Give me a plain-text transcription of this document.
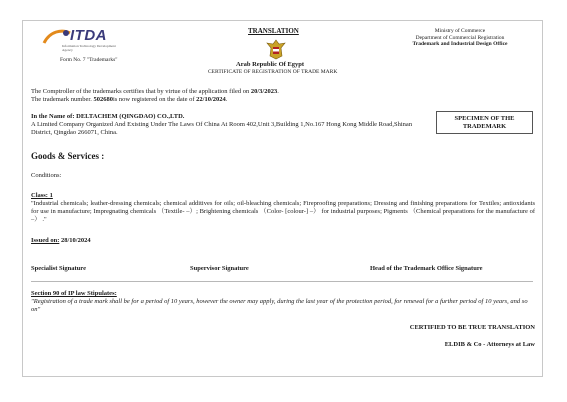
ITDA
Information Technology Development Agency
Form No. 7 "Trademarks"
TRANSLATION
Arab Republic Of Egypt
CERTIFICATE OF REGISTRATION OF TRADE MARK
Ministry of Commerce
Department of Commercial Registration
Trademark and Industrial Design Office
The Comptroller of the trademarks certifies that by virtue of the application filed on 20/3/2023.
The trademark number. 502680is now registered on the date of 22/10/2024.
In the Name of: DELTACHEM (QINGDAO) CO.,LTD.
A Limited Company Organized And Existing Under The Laws Of China At Room 402,Unit 3,Building 1,No.167 Hong Kong Middle Road,Shinan District, Qingdao 266071, China.
SPECIMEN OF THE TRADEMARK
Goods & Services :
Conditions:
Class: 1
"Industrial chemicals; leather-dressing chemicals; chemical additives for oils; oil-bleaching chemicals; Fireproofing preparations; Dressing and finishing preparations for Textiles; antioxidants for use in manufacture; Impregnating chemicals （Textile- –）; Brightening chemicals （Color- [colour-] –） for industrial purposes; Pigments （Chemical preparations for the manufacture of –） ."
Issued on: 28/10/2024
Specialist Signature	Supervisor Signature	Head of the Trademark Office Signature
Section 90 of IP law Stipulates:
"Registration of a trade mark shall be for a period of 10 years, however the owner may apply, during the last year of the protection period, for renewal for a further period of 10 years, and so on"
CERTIFIED TO BE TRUE TRANSLATION
ELDIB & Co - Attorneys at Law
